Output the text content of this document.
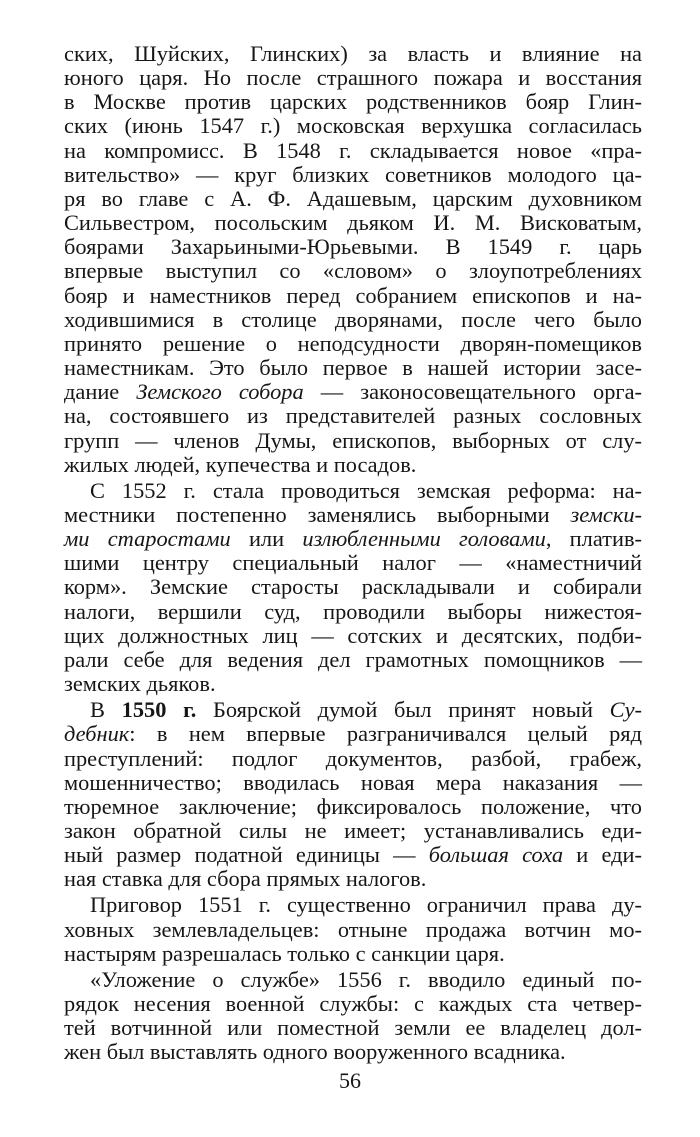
ских, Шуйских, Глинских) за власть и влияние на
юного царя. Но после страшного пожара и восстания
в Москве против царских родственников бояр Глин-
ских (июнь 1547 г.) московская верхушка согласилась
на компромисс. В 1548 г. складывается новое «пра-
вительство» — круг близких советников молодого ца-
ря во главе с А. Ф. Адашевым, царским духовником
Сильвестром, посольским дьяком И. М. Висковатым,
боярами Захарьиными-Юрьевыми. В 1549 г. царь
впервые выступил со «словом» о злоупотреблениях
бояр и наместников перед собранием епископов и на-
ходившимися в столице дворянами, после чего было
принято решение о неподсудности дворян-помещиков
наместникам. Это было первое в нашей истории засе-
дание Земского собора — законосовещательного орга-
на, состоявшего из представителей разных сословных
групп — членов Думы, епископов, выборных от слу-
жилых людей, купечества и посадов.
С 1552 г. стала проводиться земская реформа: на-
местники постепенно заменялись выборными земски-
ми старостами или излюбленными головами, платив-
шими центру специальный налог — «наместничий
корм». Земские старосты раскладывали и собирали
налоги, вершили суд, проводили выборы нижестоя-
щих должностных лиц — сотских и десятских, подби-
рали себе для ведения дел грамотных помощников —
земских дьяков.
В 1550 г. Боярской думой был принят новый Су-
дебник: в нем впервые разграничивался целый ряд
преступлений: подлог документов, разбой, грабеж,
мошенничество; вводилась новая мера наказания —
тюремное заключение; фиксировалось положение, что
закон обратной силы не имеет; устанавливались еди-
ный размер податной единицы — большая соха и еди-
ная ставка для сбора прямых налогов.
Приговор 1551 г. существенно ограничил права ду-
ховных землевладельцев: отныне продажа вотчин мо-
настырям разрешалась только с санкции царя.
«Уложение о службе» 1556 г. вводило единый по-
рядок несения военной службы: с каждых ста четвер-
тей вотчинной или поместной земли ее владелец дол-
жен был выставлять одного вооруженного всадника.
56
